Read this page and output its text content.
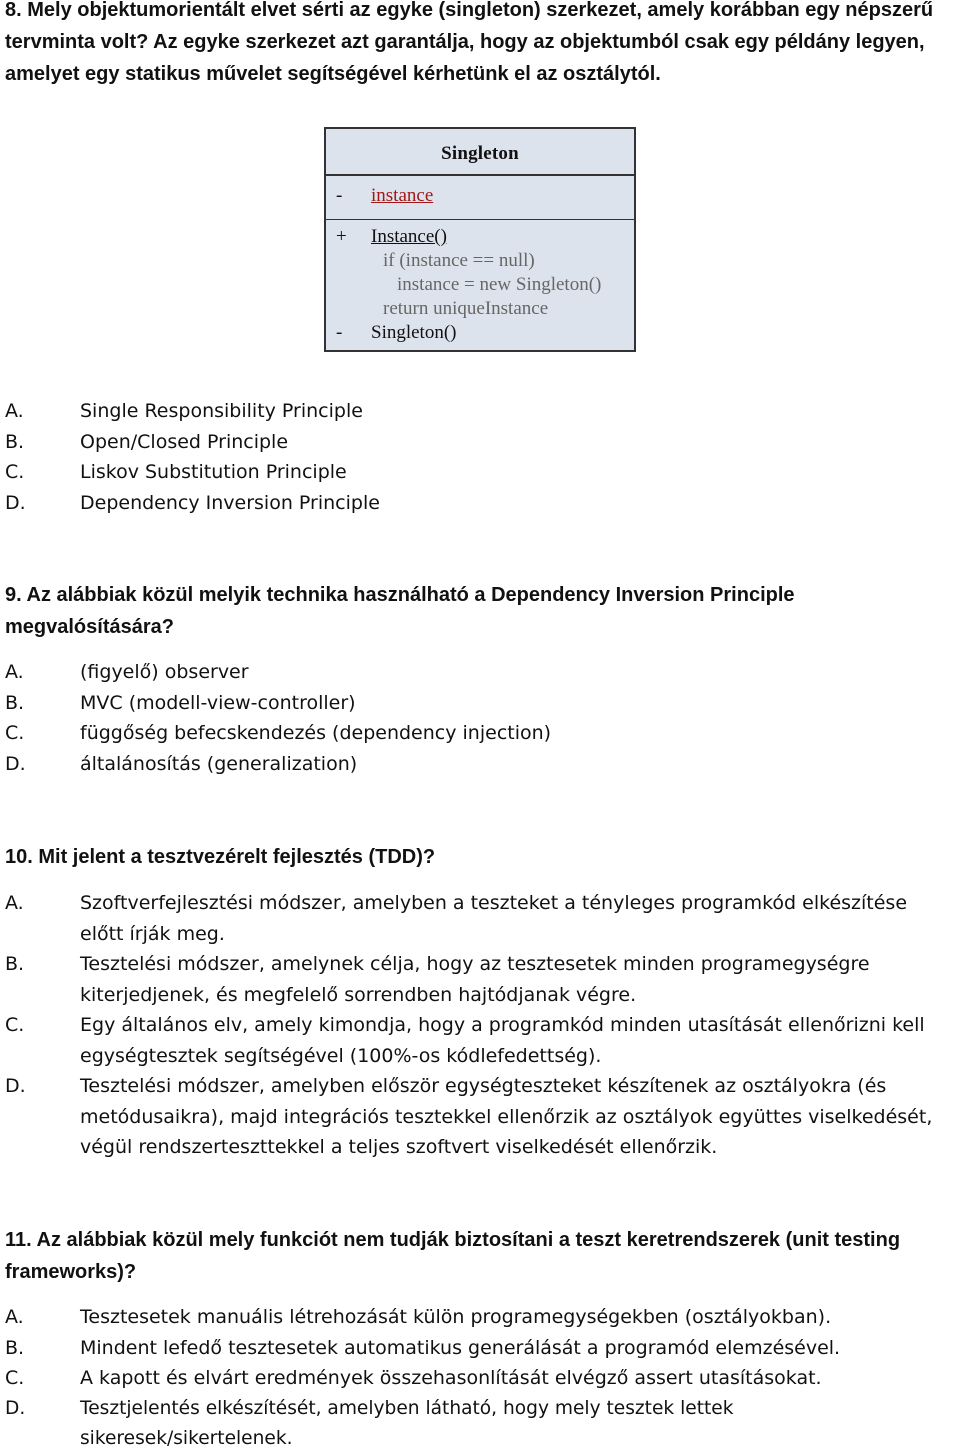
8. Mely objektumorientált elvet sérti az egyke (singleton) szerkezet, amely korábban egy népszerű tervminta volt? Az egyke szerkezet azt garantálja, hogy az objektumból csak egy példány legyen, amelyet egy statikus művelet segítségével kérhetünk el az osztálytól.
Singleton
- instance
+ Instance()
if (instance == null)
instance = new Singleton()
return uniqueInstance
- Singleton()
A.	Single Responsibility Principle
B.	Open/Closed Principle
C.	Liskov Substitution Principle
D.	Dependency Inversion Principle
9. Az alábbiak közül melyik technika használható a Dependency Inversion Principle megvalósítására?
A.	(figyelő) observer
B.	MVC (modell-view-controller)
C.	függőség befecskendezés (dependency injection)
D.	általánosítás (generalization)
10. Mit jelent a tesztvezérelt fejlesztés (TDD)?
A.	Szoftverfejlesztési módszer, amelyben a teszteket a tényleges programkód elkészítése előtt írják meg.
B.	Tesztelési módszer, amelynek célja, hogy az tesztesetek minden programegységre kiterjedjenek, és megfelelő sorrendben hajtódjanak végre.
C.	Egy általános elv, amely kimondja, hogy a programkód minden utasítását ellenőrizni kell egységtesztek segítségével (100%-os kódlefedettség).
D.	Tesztelési módszer, amelyben először egységteszteket készítenek az osztályokra (és metódusaikra), majd integrációs tesztekkel ellenőrzik az osztályok együttes viselkedését, végül rendszerteszttekkel a teljes szoftvert viselkedését ellenőrzik.
11. Az alábbiak közül mely funkciót nem tudják biztosítani a teszt keretrendszerek (unit testing frameworks)?
A.	Tesztesetek manuális létrehozását külön programegységekben (osztályokban).
B.	Mindent lefedő tesztesetek automatikus generálását a programód elemzésével.
C.	A kapott és elvárt eredmények összehasonlítását elvégző assert utasításokat.
D.	Tesztjelentés elkészítését, amelyben látható, hogy mely tesztek lettek sikeresek/sikertelenek.
